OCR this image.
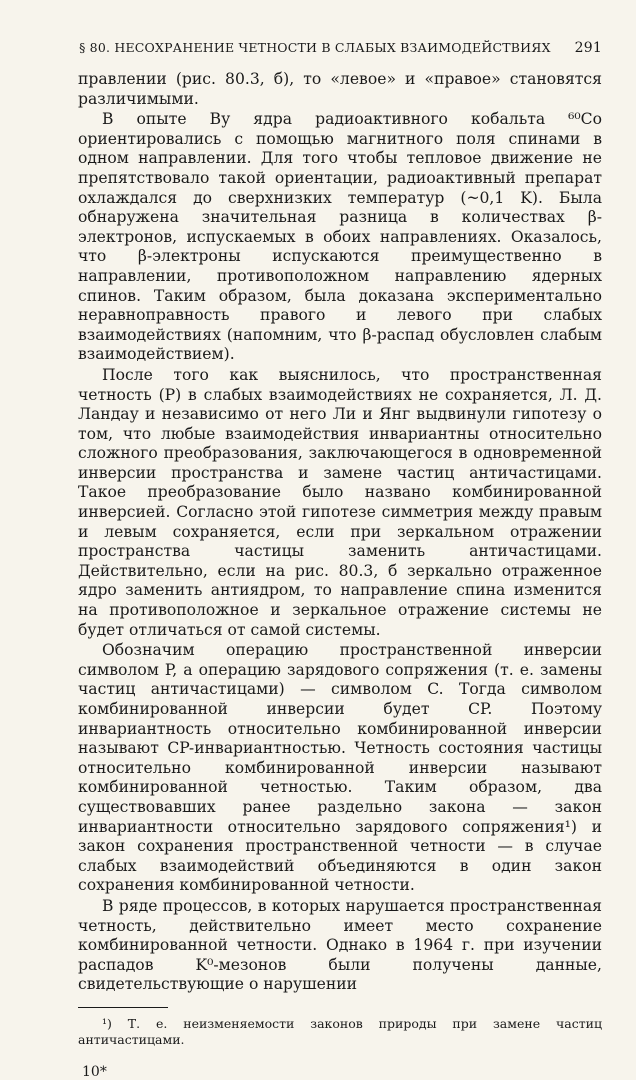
§ 80. НЕСОХРАНЕНИЕ ЧЕТНОСТИ В СЛАБЫХ ВЗАИМОДЕЙСТВИЯХ 291

правлении (рис. 80.3, б), то «левое» и «правое» становятся различимыми.

В опыте Ву ядра радиоактивного кобальта ⁶⁰Co ориентировались с помощью магнитного поля спинами в одном направлении. Для того чтобы тепловое движение не препятствовало такой ориентации, радиоактивный препарат охлаждался до сверхнизких температур (~0,1 K). Была обнаружена значительная разница в количествах β-электронов, испускаемых в обоих направлениях. Оказалось, что β-электроны испускаются преимущественно в направлении, противоположном направлению ядерных спинов. Таким образом, была доказана экспериментально неравноправность правого и левого при слабых взаимодействиях (напомним, что β-распад обусловлен слабым взаимодействием).

После того как выяснилось, что пространственная четность (P) в слабых взаимодействиях не сохраняется, Л. Д. Ландау и независимо от него Ли и Янг выдвинули гипотезу о том, что любые взаимодействия инвариантны относительно сложного преобразования, заключающегося в одновременной инверсии пространства и замене частиц античастицами. Такое преобразование было названо комбинированной инверсией. Согласно этой гипотезе симметрия между правым и левым сохраняется, если при зеркальном отражении пространства частицы заменить античастицами. Действительно, если на рис. 80.3, б зеркально отраженное ядро заменить антиядром, то направление спина изменится на противоположное и зеркальное отражение системы не будет отличаться от самой системы.

Обозначим операцию пространственной инверсии символом P, а операцию зарядового сопряжения (т. е. замены частиц античастицами) — символом C. Тогда символом комбинированной инверсии будет CP. Поэтому инвариантность относительно комбинированной инверсии называют CP-инвариантностью. Четность состояния частицы относительно комбинированной инверсии называют комбинированной четностью. Таким образом, два существовавших ранее раздельно закона — закон инвариантности относительно зарядового сопряжения¹) и закон сохранения пространственной четности — в случае слабых взаимодействий объединяются в один закон сохранения комбинированной четности.

В ряде процессов, в которых нарушается пространственная четность, действительно имеет место сохранение комбинированной четности. Однако в 1964 г. при изучении распадов K⁰-мезонов были получены данные, свидетельствующие о нарушении

¹) Т. е. неизменяемости законов природы при замене частиц античастицами.

10*
